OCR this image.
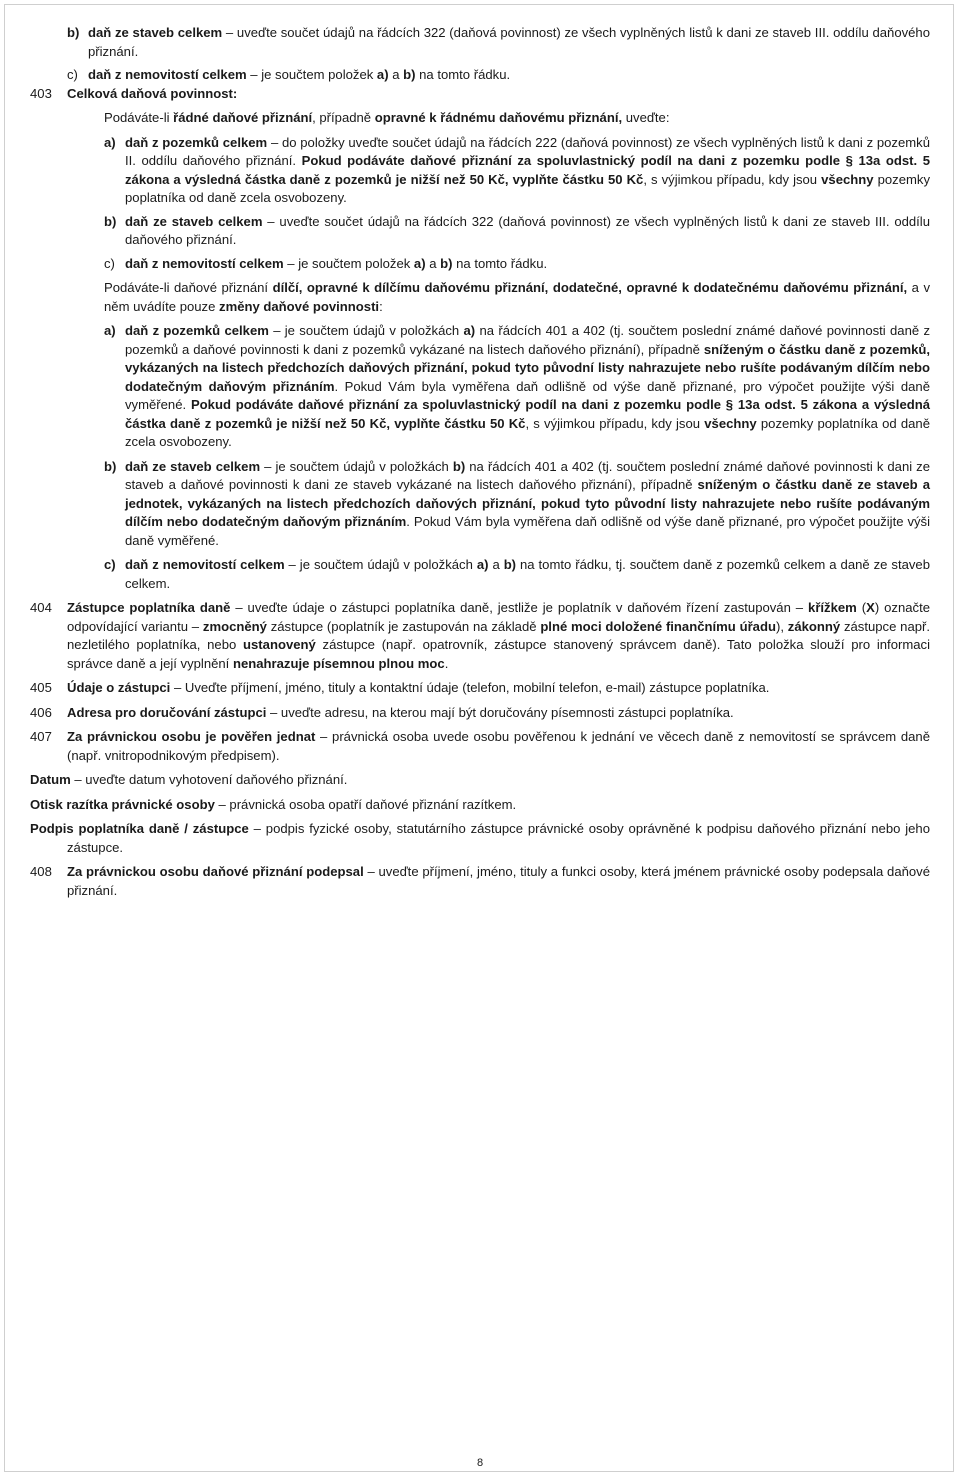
b) daň ze staveb celkem – uveďte součet údajů na řádcích 322 (daňová povinnost) ze všech vyplněných listů k dani ze staveb III. oddílu daňového přiznání.
c) daň z nemovitostí celkem – je součtem položek a) a b) na tomto řádku.
403	Celková daňová povinnost:
Podáváte-li řádné daňové přiznání, případně opravné k řádnému daňovému přiznání, uveďte:
a) daň z pozemků celkem – do položky uveďte součet údajů na řádcích 222 (daňová povinnost) ze všech vyplněných listů k dani z pozemků II. oddílu daňového přiznání. Pokud podáváte daňové přiznání za spoluvlastnický podíl na dani z pozemku podle § 13a odst. 5 zákona a výsledná částka daně z pozemků je nižší než 50 Kč, vyplňte částku 50 Kč, s výjimkou případu, kdy jsou všechny pozemky poplatníka od daně zcela osvobozeny.
b) daň ze staveb celkem – uveďte součet údajů na řádcích 322 (daňová povinnost) ze všech vyplněných listů k dani ze staveb III. oddílu daňového přiznání.
c) daň z nemovitostí celkem – je součtem položek a) a b) na tomto řádku.
Podáváte-li daňové přiznání dílčí, opravné k dílčímu daňovému přiznání, dodatečné, opravné k dodatečnému daňovému přiznání, a v něm uvádíte pouze změny daňové povinnosti:
a) daň z pozemků celkem – je součtem údajů v položkách a) na řádcích 401 a 402 (tj. součtem poslední známé daňové povinnosti daně z pozemků a daňové povinnosti k dani z pozemků vykázané na listech daňového přiznání), případně sníženým o částku daně z pozemků, vykázaných na listech předchozích daňových přiznání, pokud tyto původní listy nahrazujete nebo rušíte podávaným dílčím nebo dodatečným daňovým přiznáním. Pokud Vám byla vyměřena daň odlišně od výše daně přiznané, pro výpočet použijte výši daně vyměřené. Pokud podáváte daňové přiznání za spoluvlastnický podíl na dani z pozemku podle § 13a odst. 5 zákona a výsledná částka daně z pozemků je nižší než 50 Kč, vyplňte částku 50 Kč, s výjimkou případu, kdy jsou všechny pozemky poplatníka od daně zcela osvobozeny.
b) daň ze staveb celkem – je součtem údajů v položkách b) na řádcích 401 a 402 (tj. součtem poslední známé daňové povinnosti k dani ze staveb a daňové povinnosti k dani ze staveb vykázané na listech daňového přiznání), případně sníženým o částku daně ze staveb a jednotek, vykázaných na listech předchozích daňových přiznání, pokud tyto původní listy nahrazujete nebo rušíte podávaným dílčím nebo dodatečným daňovým přiznáním. Pokud Vám byla vyměřena daň odlišně od výše daně přiznané, pro výpočet použijte výši daně vyměřené.
c) daň z nemovitostí celkem – je součtem údajů v položkách a) a b) na tomto řádku, tj. součtem daně z pozemků celkem a daně ze staveb celkem.
404	Zástupce poplatníka daně – uveďte údaje o zástupci poplatníka daně, jestliže je poplatník v daňovém řízení zastupován – křížkem (X) označte odpovídající variantu – zmocněný zástupce (poplatník je zastupován na základě plné moci doložené finančnímu úřadu), zákonný zástupce např. nezletilého poplatníka, nebo ustanovený zástupce (např. opatrovník, zástupce stanovený správcem daně). Tato položka slouží pro informaci správce daně a její vyplnění nenahrazuje písemnou plnou moc.
405	Údaje o zástupci – Uveďte příjmení, jméno, tituly a kontaktní údaje (telefon, mobilní telefon, e-mail) zástupce poplatníka.
406	Adresa pro doručování zástupci – uveďte adresu, na kterou mají být doručovány písemnosti zástupci poplatníka.
407	Za právnickou osobu je pověřen jednat – právnická osoba uvede osobu pověřenou k jednání ve věcech daně z nemovitostí se správcem daně (např. vnitropodnikovým předpisem).
Datum – uveďte datum vyhotovení daňového přiznání.
Otisk razítka právnické osoby – právnická osoba opatří daňové přiznání razítkem.
Podpis poplatníka daně / zástupce – podpis fyzické osoby, statutárního zástupce právnické osoby oprávněné k podpisu daňového přiznání nebo jeho zástupce.
408	Za právnickou osobu daňové přiznání podepsal – uveďte příjmení, jméno, tituly a funkci osoby, která jménem právnické osoby podepsala daňové přiznání.
8
